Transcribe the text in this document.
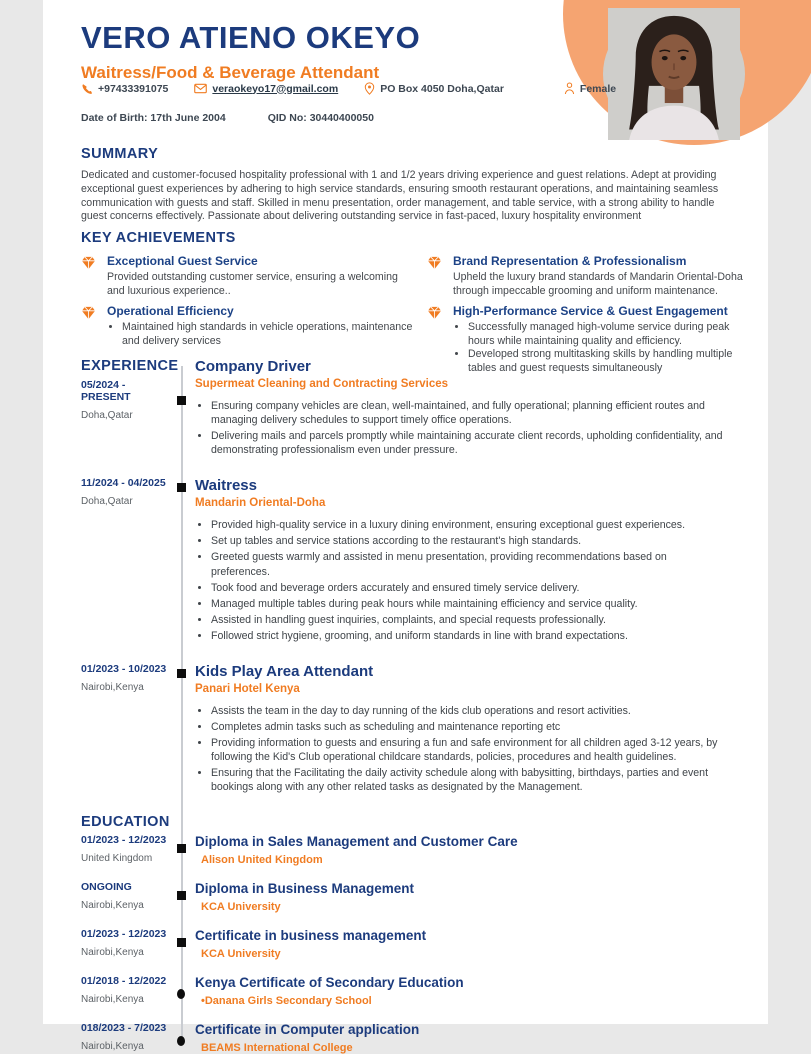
VERO ATIENO OKEYO
Waitress/Food & Beverage Attendant
+97433391075	veraokeyo17@gmail.com	PO Box 4050 Doha,Qatar	Female
Date of Birth: 17th June 2004	QID No: 30440400050
SUMMARY
Dedicated and customer-focused hospitality professional with 1 and 1/2 years driving experience and guest relations. Adept at providing exceptional guest experiences by adhering to high service standards, ensuring smooth restaurant operations, and maintaining seamless communication with guests and staff. Skilled in menu presentation, order management, and table service, with a strong ability to handle guest concerns effectively. Passionate about delivering outstanding service in fast-paced, luxury hospitality environment
KEY ACHIEVEMENTS
Exceptional Guest Service
Provided outstanding customer service, ensuring a welcoming and luxurious experience..
Operational Efficiency
• Maintained high standards in vehicle operations, maintenance and delivery services
Brand Representation & Professionalism
Upheld the luxury brand standards of Mandarin Oriental-Doha through impeccable grooming and uniform maintenance.
High-Performance Service & Guest Engagement
• Successfully managed high-volume service during peak hours while maintaining quality and efficiency.
• Developed strong multitasking skills by handling multiple tables and guest requests simultaneously
EXPERIENCE
05/2024 - PRESENT
Doha,Qatar
Company Driver
Supermeat Cleaning and Contracting Services
• Ensuring company vehicles are clean, well-maintained, and fully operational; planning efficient routes and managing delivery schedules to support timely office operations.
• Delivering mails and parcels promptly while maintaining accurate client records, upholding confidentiality, and demonstrating professionalism even under pressure.
11/2024 - 04/2025
Doha,Qatar
Waitress
Mandarin Oriental-Doha
• Provided high-quality service in a luxury dining environment, ensuring exceptional guest experiences.
• Set up tables and service stations according to the restaurant's high standards.
• Greeted guests warmly and assisted in menu presentation, providing recommendations based on preferences.
• Took food and beverage orders accurately and ensured timely service delivery.
• Managed multiple tables during peak hours while maintaining efficiency and service quality.
• Assisted in handling guest inquiries, complaints, and special requests professionally.
• Followed strict hygiene, grooming, and uniform standards in line with brand expectations.
01/2023 - 10/2023
Nairobi,Kenya
Kids Play Area Attendant
Panari Hotel Kenya
• Assists the team in the day to day running of the kids club operations and resort activities.
• Completes admin tasks such as scheduling and maintenance reporting etc
• Providing information to guests and ensuring a fun and safe environment for all children aged 3-12 years, by following the Kid's Club operational childcare standards, policies, procedures and health guidelines.
• Ensuring that the Facilitating the daily activity schedule along with babysitting, birthdays, parties and event bookings along with any other related tasks as designated by the Management.
EDUCATION
01/2023 - 12/2023
United Kingdom
Diploma in Sales Management and Customer Care
Alison United Kingdom
ONGOING
Nairobi,Kenya
Diploma in Business Management
KCA University
01/2023 - 12/2023
Nairobi,Kenya
Certificate in business management
KCA University
01/2018 - 12/2022
Nairobi,Kenya
Kenya Certificate of Secondary Education
•Danana Girls Secondary School
018/2023 - 7/2023
Nairobi,Kenya
Certificate in Computer application
BEAMS International College
